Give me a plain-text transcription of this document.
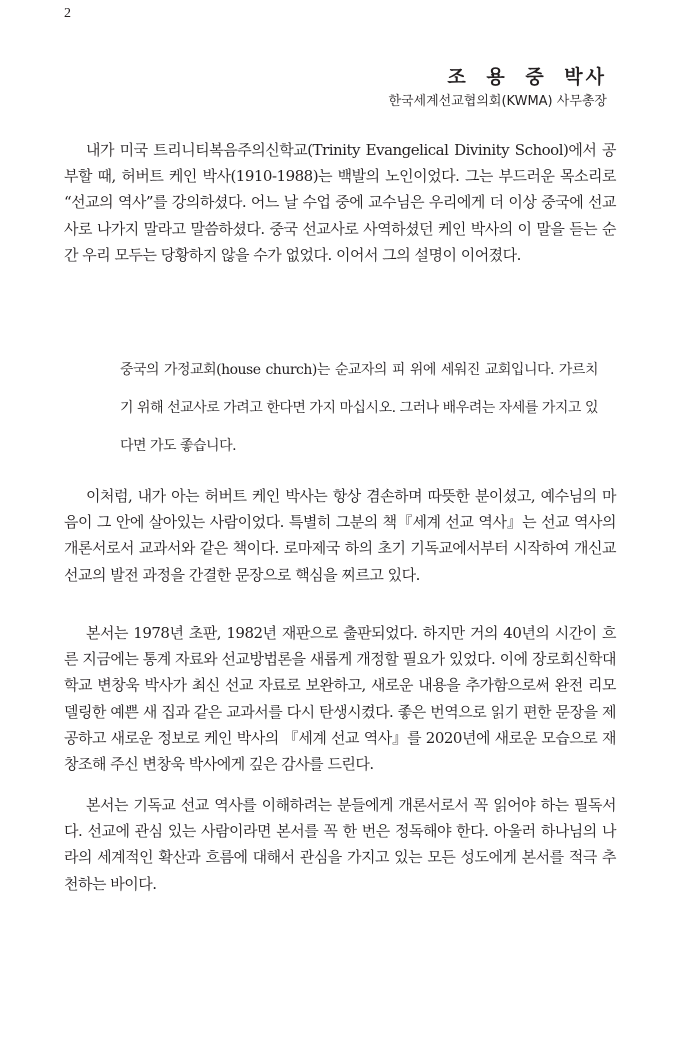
2
조 용 중 박사
한국세계선교협의회(KWMA) 사무총장

내가 미국 트리니티복음주의신학교(Trinity Evangelical Divinity School)에서 공부할 때, 허버트 케인 박사(1910-1988)는 백발의 노인이었다. 그는 부드러운 목소리로 “선교의 역사”를 강의하셨다. 어느 날 수업 중에 교수님은 우리에게 더 이상 중국에 선교사로 나가지 말라고 말씀하셨다. 중국 선교사로 사역하셨던 케인 박사의 이 말을 듣는 순간 우리 모두는 당황하지 않을 수가 없었다. 이어서 그의 설명이 이어졌다.

중국의 가정교회(house church)는 순교자의 피 위에 세워진 교회입니다. 가르치기 위해 선교사로 가려고 한다면 가지 마십시오. 그러나 배우려는 자세를 가지고 있다면 가도 좋습니다.

이처럼, 내가 아는 허버트 케인 박사는 항상 겸손하며 따뜻한 분이셨고, 예수님의 마음이 그 안에 살아있는 사람이었다. 특별히 그분의 책『세계 선교 역사』는 선교 역사의 개론서로서 교과서와 같은 책이다. 로마제국 하의 초기 기독교에서부터 시작하여 개신교 선교의 발전 과정을 간결한 문장으로 핵심을 찌르고 있다.

본서는 1978년 초판, 1982년 재판으로 출판되었다. 하지만 거의 40년의 시간이 흐른 지금에는 통계 자료와 선교방법론을 새롭게 개정할 필요가 있었다. 이에 장로회신학대학교 변창욱 박사가 최신 선교 자료로 보완하고, 새로운 내용을 추가함으로써 완전 리모델링한 예쁜 새 집과 같은 교과서를 다시 탄생시켰다. 좋은 번역으로 읽기 편한 문장을 제공하고 새로운 정보로 케인 박사의 『세계 선교 역사』를 2020년에 새로운 모습으로 재창조해 주신 변창욱 박사에게 깊은 감사를 드린다.

본서는 기독교 선교 역사를 이해하려는 분들에게 개론서로서 꼭 읽어야 하는 필독서다. 선교에 관심 있는 사람이라면 본서를 꼭 한 번은 정독해야 한다. 아울러 하나님의 나라의 세계적인 확산과 흐름에 대해서 관심을 가지고 있는 모든 성도에게 본서를 적극 추천하는 바이다.
